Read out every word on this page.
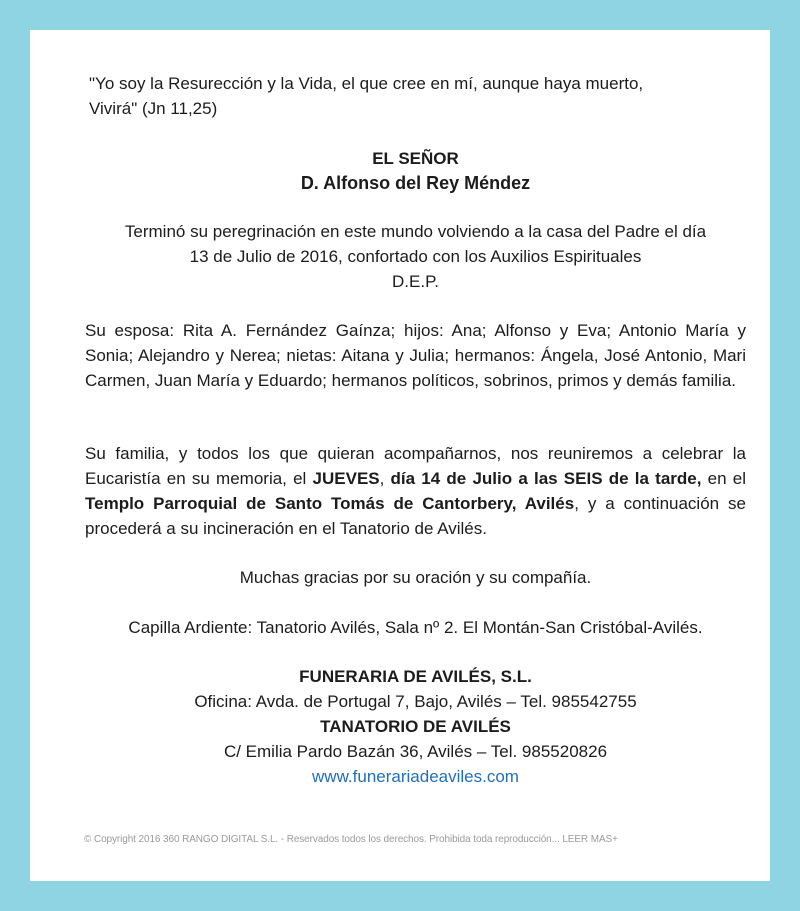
"Yo soy la Resurección y la Vida, el que cree en mí, aunque haya muerto,
Vivirá" (Jn 11,25)
EL SEÑOR
D. Alfonso del Rey Méndez
Terminó su peregrinación en este mundo volviendo a la casa del Padre el día
13 de Julio de 2016, confortado con los Auxilios Espirituales
D.E.P.
Su esposa: Rita A. Fernández Gaínza; hijos: Ana; Alfonso y Eva; Antonio María y Sonia; Alejandro y Nerea; nietas: Aitana y Julia; hermanos: Ángela, José Antonio, Mari Carmen, Juan María y Eduardo; hermanos políticos, sobrinos, primos y demás familia.
Su familia, y todos los que quieran acompañarnos, nos reuniremos a celebrar la Eucaristía en su memoria, el JUEVES, día 14 de Julio a las SEIS de la tarde, en el Templo Parroquial de Santo Tomás de Cantorbery, Avilés, y a continuación se procederá a su incineración en el Tanatorio de Avilés.
Muchas gracias por su oración y su compañía.
Capilla Ardiente: Tanatorio Avilés, Sala nº 2. El Montán-San Cristóbal-Avilés.
FUNERARIA DE AVILÉS, S.L.
Oficina: Avda. de Portugal 7, Bajo, Avilés – Tel. 985542755
TANATORIO DE AVILÉS
C/ Emilia Pardo Bazán 36, Avilés – Tel. 985520826
www.funerariadeaviles.com
© Copyright 2016 360 RANGO DIGITAL S.L. - Reservados todos los derechos. Prohibida toda reproducción... LEER MAS+
